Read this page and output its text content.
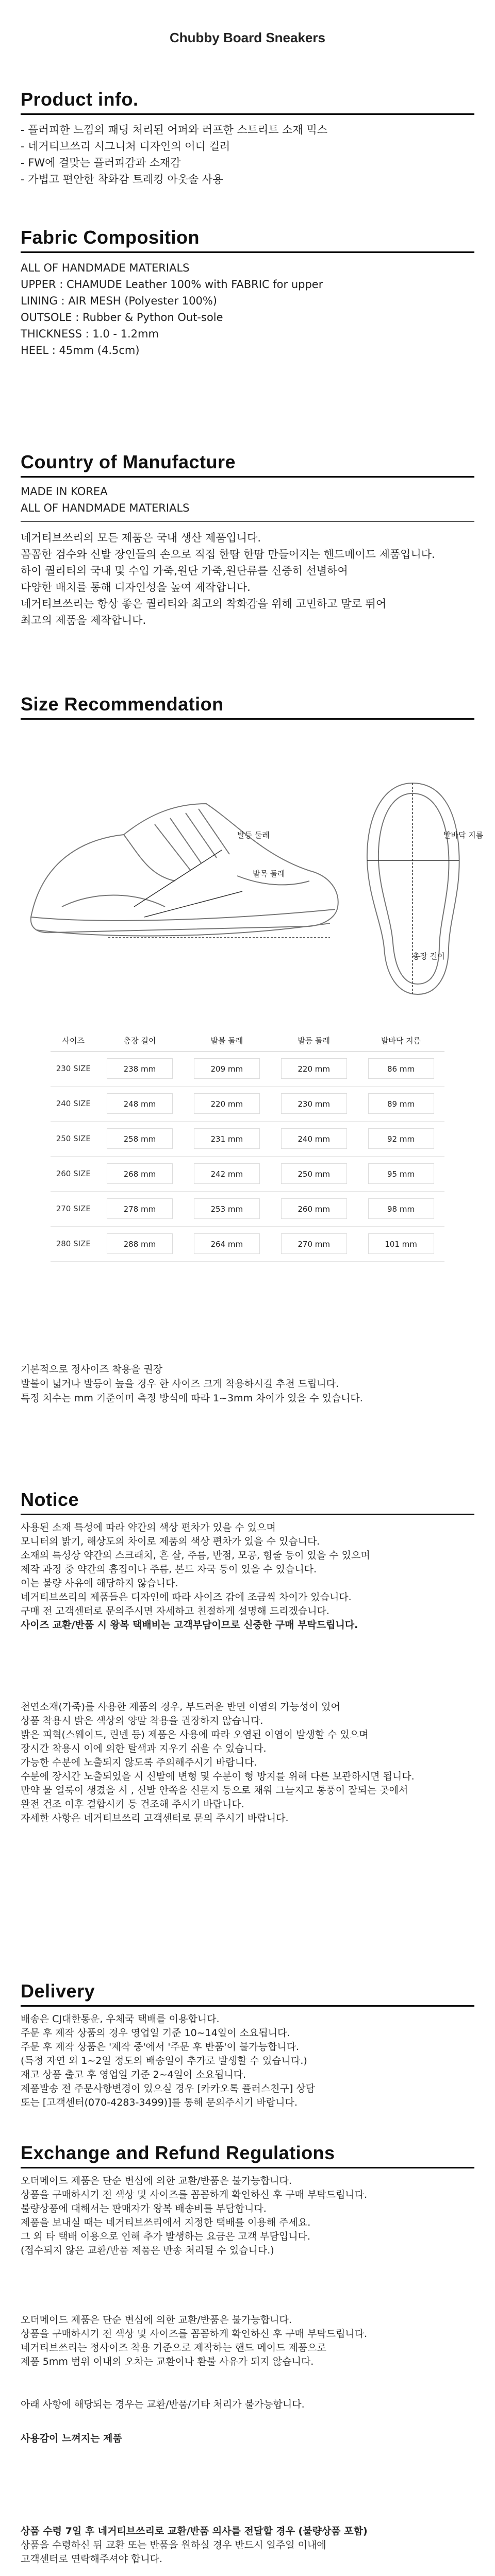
Chubby Board Sneakers
Product info.
- 플러피한 느낌의 패딩 처리된 어퍼와 러프한 스트리트 소재 믹스
- 네거티브쓰리 시그니처 디자인의 어디 컬러
- FW에 걸맞는 플러피감과 소재감
- 가볍고 편안한 착화감 트레킹 아웃솔 사용
Fabric Composition
ALL OF HANDMADE MATERIALS
UPPER : CHAMUDE Leather 100% with FABRIC for upper
LINING : AIR MESH (Polyester 100%)
OUTSOLE : Rubber & Python Out-sole
THICKNESS : 1.0 - 1.2mm
HEEL : 45mm (4.5cm)
Country of Manufacture
MADE IN KOREA
ALL OF HANDMADE MATERIALS
네거티브쓰리의 모든 제품은 국내 생산 제품입니다.
꼼꼼한 검수와 신발 장인들의 손으로 직접 한땀 한땀 만들어지는 핸드메이드 제품입니다.
하이 퀄리티의 국내 및 수입 가죽,원단 가죽,원단류를 신중히 선별하여
다양한 배치를 통해 디자인성을 높여 제작합니다.
네거티브쓰리는 항상 좋은 퀄리티와 최고의 착화감을 위해 고민하고 말로 뛰어
최고의 제품을 제작합니다.
Size Recommendation
발등 둘레
발목 둘레
발바닥 지름
총장 길이
사이즈	총장 길이	발볼 둘레	발등 둘레	발바닥 지름
230 SIZE	238 mm	209 mm	220 mm	86 mm
240 SIZE	248 mm	220 mm	230 mm	89 mm
250 SIZE	258 mm	231 mm	240 mm	92 mm
260 SIZE	268 mm	242 mm	250 mm	95 mm
270 SIZE	278 mm	253 mm	260 mm	98 mm
280 SIZE	288 mm	264 mm	270 mm	101 mm
기본적으로 정사이즈 착용을 권장
발볼이 넓거나 발등이 높을 경우 한 사이즈 크게 착용하시길 추천 드립니다.
특정 치수는 mm 기준이며 측정 방식에 따라 1~3mm 차이가 있을 수 있습니다.
Notice
사용된 소재 특성에 따라 약간의 색상 편차가 있을 수 있으며
모니터의 밝기, 해상도의 차이로 제품의 색상 편차가 있을 수 있습니다.
소재의 특성상 약간의 스크래치, 흔 살, 주름, 반점, 모공, 힘줄 등이 있을 수 있으며
제작 과정 중 약간의 흠집이나 주름, 본드 자국 등이 있을 수 있습니다.
이는 불량 사유에 해당하지 않습니다.
네거티브쓰리의 제품들은 디자인에 따라 사이즈 감에 조금씩 차이가 있습니다.
구매 전 고객센터로 문의주시면 자세하고 친절하게 설명해 드리겠습니다.
사이즈 교환/반품 시 왕복 택배비는 고객부담이므로 신중한 구매 부탁드립니다.
천연소재(가죽)를 사용한 제품의 경우, 부드러운 반면 이염의 가능성이 있어
상품 착용시 밝은 색상의 양말 착용을 권장하지 않습니다.
밝은 피혁(스웨이드, 린넨 등) 제품은 사용에 따라 오염된 이염이 발생할 수 있으며
장시간 착용시 이에 의한 탈색과 지우기 쉬울 수 있습니다.
가능한 수분에 노출되지 않도록 주의해주시기 바랍니다.
수분에 장시간 노출되었을 시 신발에 변형 및 수분이 형 방지를 위해 다른 보관하시면 됩니다.
만약 물 얼룩이 생겼을 시 , 신발 안쪽을 신문지 등으로 채워 그늘지고 통풍이 잘되는 곳에서
완전 건조 이후 결합시키 등 건조해 주시기 바랍니다.
자세한 사항은 네거티브쓰리 고객센터로 문의 주시기 바랍니다.
Delivery
배송은 CJ대한통운, 우체국 택배를 이용합니다.
주문 후 제작 상품의 경우 영업일 기준 10~14일이 소요됩니다.
주문 후 제작 상품은 '제작 중'에서 '주문 후 반품'이 불가능합니다.
(특정 자연 외 1~2일 정도의 배송일이 추가로 발생할 수 있습니다.)
재고 상품 출고 후 영업일 기준 2~4일이 소요됩니다.
제품발송 전 주문사항변경이 있으실 경우 [카카오톡 플러스친구] 상담
또는 [고객센터(070-4283-3499)]를 통해 문의주시기 바랍니다.
Exchange and Refund Regulations
오더메이드 제품은 단순 변심에 의한 교환/반품은 불가능합니다.
상품을 구매하시기 전 색상 및 사이즈를 꼼꼼하게 확인하신 후 구매 부탁드립니다.
불량상품에 대해서는 판매자가 왕복 배송비를 부담합니다.
제품을 보내실 때는 네거티브쓰리에서 지정한 택배를 이용해 주세요.
그 외 타 택배 이용으로 인해 추가 발생하는 요금은 고객 부담입니다.
(접수되지 않은 교환/반품 제품은 반송 처리될 수 있습니다.)
오더메이드 제품은 단순 변심에 의한 교환/반품은 불가능합니다.
상품을 구매하시기 전 색상 및 사이즈를 꼼꼼하게 확인하신 후 구매 부탁드립니다.
네거티브쓰리는 정사이즈 착용 기준으로 제작하는 핸드 메이드 제품으로
제품 5mm 범위 이내의 오차는 교환이나 환불 사유가 되지 않습니다.
아래 사항에 해당되는 경우는 교환/반품/기타 처리가 불가능합니다.
사용감이 느껴지는 제품
상품 수령 7일 후 네거티브쓰리로 교환/반품 의사를 전달할 경우 (불량상품 포함)
상품을 수령하신 뒤 교환 또는 반품을 원하실 경우 반드시 일주일 이내에
고객센터로 연락해주셔야 합니다.
